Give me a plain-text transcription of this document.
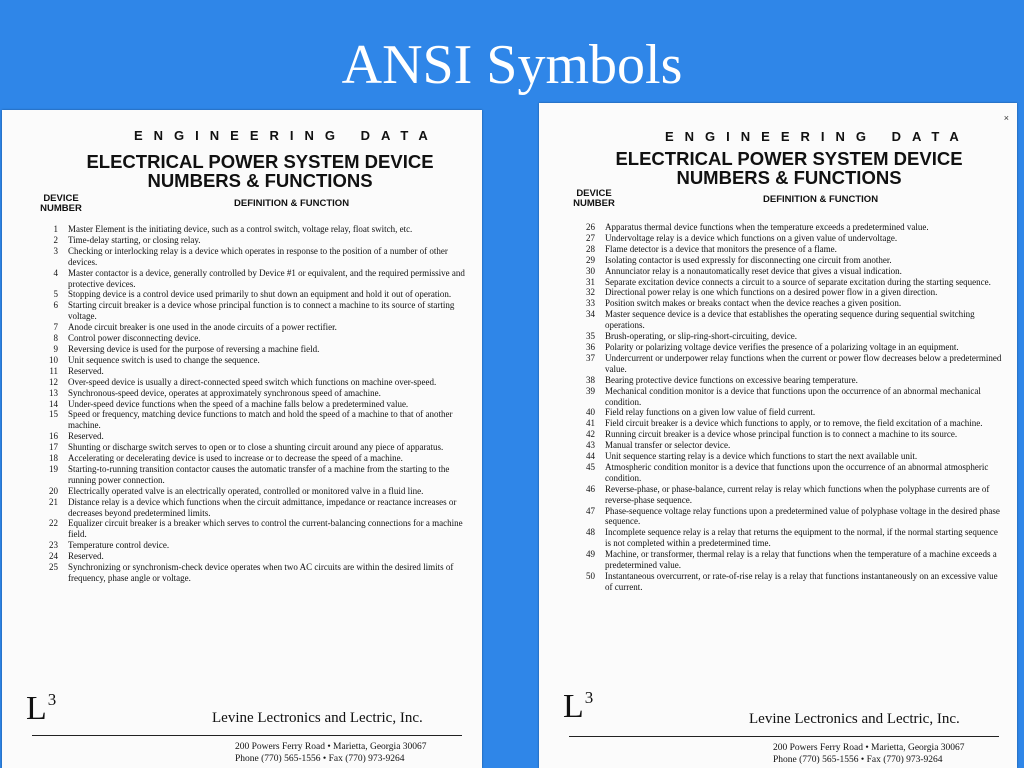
ANSI Symbols
ENGINEERING DATA
ELECTRICAL POWER SYSTEM DEVICE
NUMBERS & FUNCTIONS
DEVICE
NUMBER	DEFINITION & FUNCTION
1 Master Element is the initiating device, such as a control switch, voltage relay, float switch, etc.
2 Time-delay starting, or closing relay.
3 Checking or interlocking relay is a device which operates in response to the position of a number of other devices.
4 Master contactor is a device, generally controlled by Device #1 or equivalent, and the required permissive and protective devices.
5 Stopping device is a control device used primarily to shut down an equipment and hold it out of operation.
6 Starting circuit breaker is a device whose principal function is to connect a machine to its source of starting voltage.
7 Anode circuit breaker is one used in the anode circuits of a power rectifier.
8 Control power disconnecting device.
9 Reversing device is used for the purpose of reversing a machine field.
10 Unit sequence switch is used to change the sequence.
11 Reserved.
12 Over-speed device is usually a direct-connected speed switch which functions on machine over-speed.
13 Synchronous-speed device, operates at approximately synchronous speed of amachine.
14 Under-speed device functions when the speed of a machine falls below a predetermined value.
15 Speed or frequency, matching device functions to match and hold the speed of a machine to that of another machine.
16 Reserved.
17 Shunting or discharge switch serves to open or to close a shunting circuit around any piece of apparatus.
18 Accelerating or decelerating device is used to increase or to decrease the speed of a machine.
19 Starting-to-running transition contactor causes the automatic transfer of a machine from the starting to the running power connection.
20 Electrically operated valve is an electrically operated, controlled or monitored valve in a fluid line.
21 Distance relay is a device which functions when the circuit admittance, impedance or reactance increases or decreases beyond predetermined limits.
22 Equalizer circuit breaker is a breaker which serves to control the current-balancing connections for a machine field.
23 Temperature control device.
24 Reserved.
25 Synchronizing or synchronism-check device operates when two AC circuits are within the desired limits of frequency, phase angle or voltage.
$L^3$
Levine Lectronics and Lectric, Inc.
200 Powers Ferry Road • Marietta, Georgia 30067
Phone (770) 565-1556 • Fax (770) 973-9264
×
ENGINEERING DATA
ELECTRICAL POWER SYSTEM DEVICE
NUMBERS & FUNCTIONS
DEVICE
NUMBER	DEFINITION & FUNCTION
26 Apparatus thermal device functions when the temperature exceeds a predetermined value.
27 Undervoltage relay is a device which functions on a given value of undervoltage.
28 Flame detector is a device that monitors the presence of a flame.
29 Isolating contactor is used expressly for disconnecting one circuit from another.
30 Annunciator relay is a nonautomatically reset device that gives a visual indication.
31 Separate excitation device connects a circuit to a source of separate excitation during the starting sequence.
32 Directional power relay is one which functions on a desired power flow in a given direction.
33 Position switch makes or breaks contact when the device reaches a given position.
34 Master sequence device is a device that establishes the operating sequence during sequential switching operations.
35 Brush-operating, or slip-ring-short-circuiting, device.
36 Polarity or polarizing voltage device verifies the presence of a polarizing voltage in an equipment.
37 Undercurrent or underpower relay functions when the current or power flow decreases below a predetermined value.
38 Bearing protective device functions on excessive bearing temperature.
39 Mechanical condition monitor is a device that functions upon the occurrence of an abnormal mechanical condition.
40 Field relay functions on a given low value of field current.
41 Field circuit breaker is a device which functions to apply, or to remove, the field excitation of a machine.
42 Running circuit breaker is a device whose principal function is to connect a machine to its source.
43 Manual transfer or selector device.
44 Unit sequence starting relay is a device which functions to start the next available unit.
45 Atmospheric condition monitor is a device that functions upon the occurrence of an abnormal atmospheric condition.
46 Reverse-phase, or phase-balance, current relay is relay which functions when the polyphase currents are of reverse-phase sequence.
47 Phase-sequence voltage relay functions upon a predetermined value of polyphase voltage in the desired phase sequence.
48 Incomplete sequence relay is a relay that returns the equipment to the normal, if the normal starting sequence is not completed within a predetermined time.
49 Machine, or transformer, thermal relay is a relay that functions when the temperature of a machine exceeds a predetermined value.
50 Instantaneous overcurrent, or rate-of-rise relay is a relay that functions instantaneously on an excessive value of current.
$L^3$
Levine Lectronics and Lectric, Inc.
200 Powers Ferry Road • Marietta, Georgia 30067
Phone (770) 565-1556 • Fax (770) 973-9264
